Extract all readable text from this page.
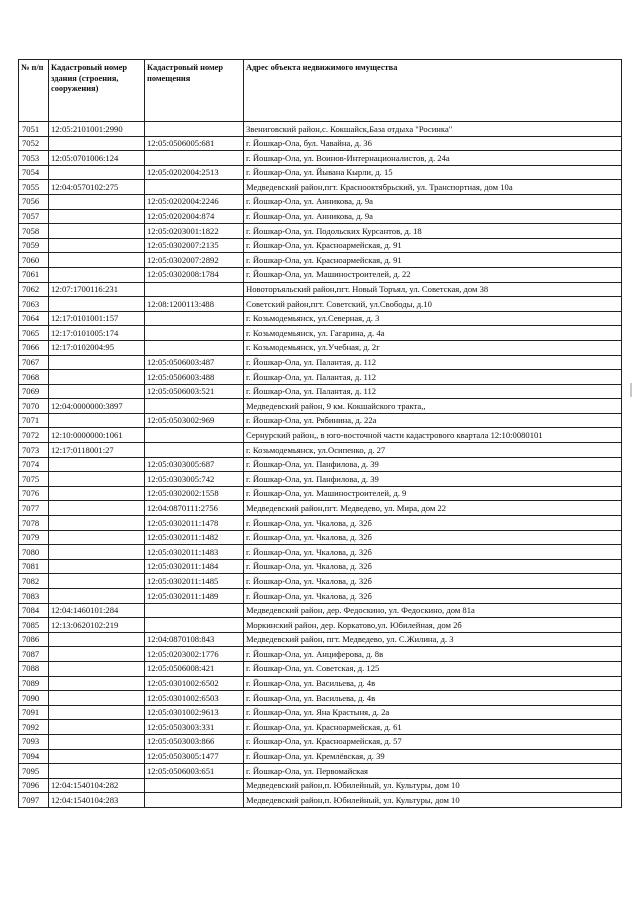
№ п/п	Кадастровый номер здания (строения, сооружения)	Кадастровый номер помещения	Адрес объекта недвижимого имущества
7051	12:05:2101001:2990		Звениговский район,с. Кокшайск,База отдыха "Росинка"
7052		12:05:0506005:681	г. Йошкар-Ола, бул. Чавайна, д. 36
7053	12:05:0701006:124		г. Йошкар-Ола, ул. Воинов-Интернационалистов, д. 24а
7054		12:05:0202004:2513	г. Йошкар-Ола, ул. Йывана Кырли, д. 15
7055	12:04:0570102:275		Медведевский район,пгт. Краснооктябрьский, ул. Транспортная, дом 10а
7056		12:05:0202004:2246	г. Йошкар-Ола, ул. Анникова, д. 9а
7057		12:05:0202004:874	г. Йошкар-Ола, ул. Анникова, д. 9а
7058		12:05:0203001:1822	г. Йошкар-Ола, ул. Подольских Курсантов, д. 18
7059		12:05:0302007:2135	г. Йошкар-Ола, ул. Красноармейская, д. 91
7060		12:05:0302007:2892	г. Йошкар-Ола, ул. Красноармейская, д. 91
7061		12:05:0302008:1784	г. Йошкар-Ола, ул. Машиностроителей, д. 22
7062	12:07:1700116:231		Новоторъяльский район,пгт. Новый Торъял, ул. Советская, дом 38
7063		12:08:1200113:488	Советский район,пгт. Советский, ул.Свободы, д.10
7064	12:17:0101001:157		г. Козьмодемьянск, ул.Северная, д. 3
7065	12:17:0101005:174		г. Козьмодемьянск, ул. Гагарина, д. 4а
7066	12:17:0102004:95		г. Козьмодемьянск, ул.Учебная, д. 2г
7067		12:05:0506003:487	г. Йошкар-Ола, ул. Палантая, д. 112
7068		12:05:0506003:488	г. Йошкар-Ола, ул. Палантая, д. 112
7069		12:05:0506003:521	г. Йошкар-Ола, ул. Палантая, д. 112
7070	12:04:0000000:3897		Медведевский район, 9 км. Кокшайского тракта,,
7071		12:05:0503002:969	г. Йошкар-Ола, ул. Рябинина, д. 22а
7072	12:10:0000000:1061		Сернурский район,, в юго-восточной части кадастрового квартала 12:10:0080101
7073	12:17:0118001:27		г. Козьмодемьянск, ул.Осипенко, д. 27
7074		12:05:0303005:687	г. Йошкар-Ола, ул. Панфилова, д. 39
7075		12:05:0303005:742	г. Йошкар-Ола, ул. Панфилова, д. 39
7076		12:05:0302002:1558	г. Йошкар-Ола, ул. Машиностроителей, д. 9
7077		12:04:0870111:2756	Медведевский район,пгт. Медведево, ул. Мира, дом 22
7078		12:05:0302011:1478	г. Йошкар-Ола, ул. Чкалова, д. 32б
7079		12:05:0302011:1482	г. Йошкар-Ола, ул. Чкалова, д. 32б
7080		12:05:0302011:1483	г. Йошкар-Ола, ул. Чкалова, д. 32б
7081		12:05:0302011:1484	г. Йошкар-Ола, ул. Чкалова, д. 32б
7082		12:05:0302011:1485	г. Йошкар-Ола, ул. Чкалова, д. 32б
7083		12:05:0302011:1489	г. Йошкар-Ола, ул. Чкалова, д. 32б
7084	12:04:1460101:284		Медведевский район, дер. Федоскино, ул. Федоскино, дом 81а
7085	12:13:0620102:219		Моркинский район, дер. Коркатово,ул. Юбилейная, дом 2б
7086		12:04:0870108:843	Медведевский район, пгт. Медведево, ул. С.Жилина, д. 3
7087		12:05:0203002:1776	г. Йошкар-Ола, ул. Анциферова, д. 8в
7088		12:05:0506008:421	г. Йошкар-Ола, ул. Советская, д. 125
7089		12:05:0301002:6502	г. Йошкар-Ола, ул. Васильева, д. 4в
7090		12:05:0301002:6503	г. Йошкар-Ола, ул. Васильева, д. 4в
7091		12:05:0301002:9613	г. Йошкар-Ола, ул. Яна Крастыня, д. 2а
7092		12:05:0503003:331	г. Йошкар-Ола, ул. Красноармейская, д. 61
7093		12:05:0503003:866	г. Йошкар-Ола, ул. Красноармейская, д. 57
7094		12:05:0503005:1477	г. Йошкар-Ола, ул. Кремлёвская, д. 39
7095		12:05:0506003:651	г. Йошкар-Ола, ул. Первомайская
7096	12:04:1540104:282		Медведевский район,п. Юбилейный, ул. Культуры, дом 10
7097	12:04:1540104:283		Медведевский район,п. Юбилейный, ул. Культуры, дом 10
